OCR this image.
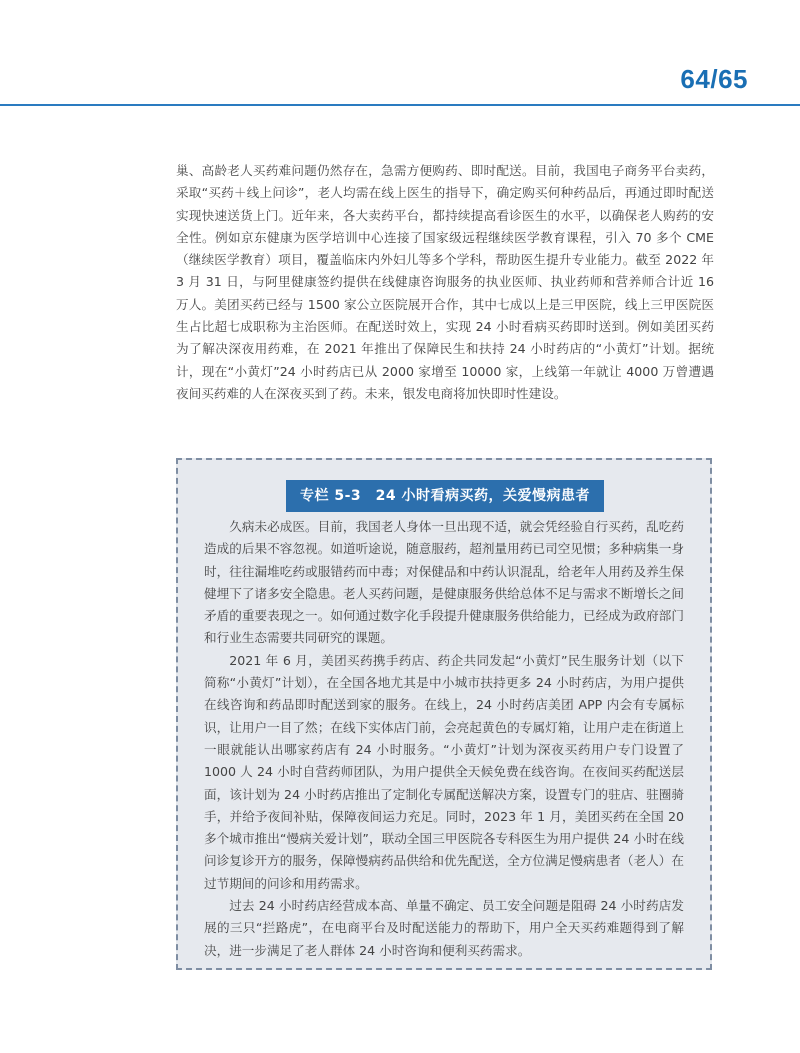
64/65

巢、高龄老人买药难问题仍然存在，急需方便购药、即时配送。目前，我国电子商务平台卖药，采取“买药＋线上问诊”，老人均需在线上医生的指导下，确定购买何种药品后，再通过即时配送实现快速送货上门。近年来，各大卖药平台，都持续提高看诊医生的水平，以确保老人购药的安全性。例如京东健康为医学培训中心连接了国家级远程继续医学教育课程，引入 70 多个 CME（继续医学教育）项目，覆盖临床内外妇儿等多个学科，帮助医生提升专业能力。截至 2022 年 3 月 31 日，与阿里健康签约提供在线健康咨询服务的执业医师、执业药师和营养师合计近 16 万人。美团买药已经与 1500 家公立医院展开合作，其中七成以上是三甲医院，线上三甲医院医生占比超七成职称为主治医师。在配送时效上，实现 24 小时看病买药即时送到。例如美团买药为了解决深夜用药难，在 2021 年推出了保障民生和扶持 24 小时药店的“小黄灯”计划。据统计，现在“小黄灯”24 小时药店已从 2000 家增至 10000 家，上线第一年就让 4000 万曾遭遇夜间买药难的人在深夜买到了药。未来，银发电商将加快即时性建设。

专栏 5-3　24 小时看病买药，关爱慢病患者

久病未必成医。目前，我国老人身体一旦出现不适，就会凭经验自行买药，乱吃药造成的后果不容忽视。如道听途说，随意服药，超剂量用药已司空见惯；多种病集一身时，往往漏堆吃药或服错药而中毒；对保健品和中药认识混乱，给老年人用药及养生保健埋下了诸多安全隐患。老人买药问题，是健康服务供给总体不足与需求不断增长之间矛盾的重要表现之一。如何通过数字化手段提升健康服务供给能力，已经成为政府部门和行业生态需要共同研究的课题。

2021 年 6 月，美团买药携手药店、药企共同发起“小黄灯”民生服务计划（以下简称“小黄灯”计划），在全国各地尤其是中小城市扶持更多 24 小时药店，为用户提供在线咨询和药品即时配送到家的服务。在线上，24 小时药店美团 APP 内会有专属标识，让用户一目了然；在线下实体店门前，会亮起黄色的专属灯箱，让用户走在街道上一眼就能认出哪家药店有 24 小时服务。“小黄灯”计划为深夜买药用户专门设置了 1000 人 24 小时自营药师团队，为用户提供全天候免费在线咨询。在夜间买药配送层面，该计划为 24 小时药店推出了定制化专属配送解决方案，设置专门的驻店、驻圈骑手，并给予夜间补贴，保障夜间运力充足。同时，2023 年 1 月，美团买药在全国 20 多个城市推出“慢病关爱计划”，联动全国三甲医院各专科医生为用户提供 24 小时在线问诊复诊开方的服务，保障慢病药品供给和优先配送，全方位满足慢病患者（老人）在过节期间的问诊和用药需求。

过去 24 小时药店经营成本高、单量不确定、员工安全问题是阻碍 24 小时药店发展的三只“拦路虎”，在电商平台及时配送能力的帮助下，用户全天买药难题得到了解决，进一步满足了老人群体 24 小时咨询和便利买药需求。
